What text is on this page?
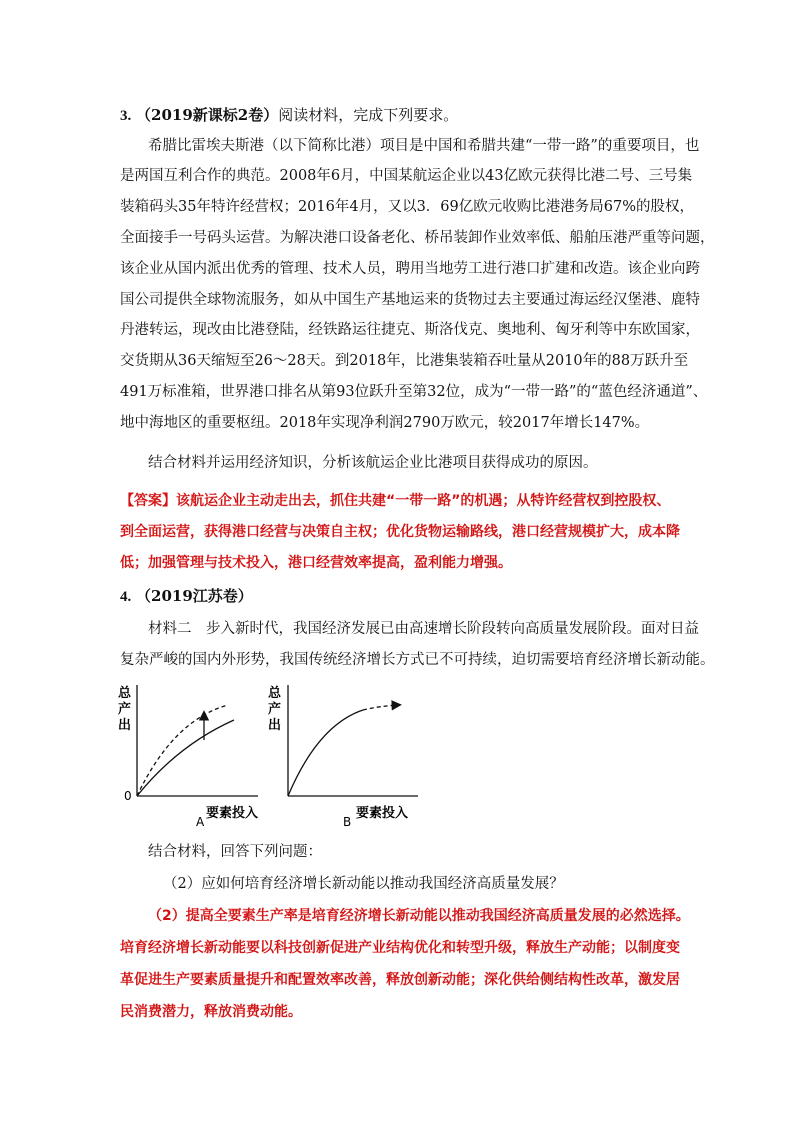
3. （2019新课标2卷）阅读材料，完成下列要求。
希腊比雷埃夫斯港（以下简称比港）项目是中国和希腊共建“一带一路”的重要项目，也
是两国互利合作的典范。2008年6月，中国某航运企业以43亿欧元获得比港二号、三号集
装箱码头35年特许经营权；2016年4月，又以3．69亿欧元收购比港港务局67%的股权，
全面接手一号码头运营。为解决港口设备老化、桥吊装卸作业效率低、船舶压港严重等问题，
该企业从国内派出优秀的管理、技术人员，聘用当地劳工进行港口扩建和改造。该企业向跨
国公司提供全球物流服务，如从中国生产基地运来的货物过去主要通过海运经汉堡港、鹿特
丹港转运，现改由比港登陆，经铁路运往捷克、斯洛伐克、奥地利、匈牙利等中东欧国家，
交货期从36天缩短至26～28天。到2018年，比港集装箱吞吐量从2010年的88万跃升至
491万标准箱，世界港口排名从第93位跃升至第32位，成为“一带一路”的“蓝色经济通道”、
地中海地区的重要枢纽。2018年实现净利润2790万欧元，较2017年增长147%。
结合材料并运用经济知识，分析该航运企业比港项目获得成功的原因。
【答案】该航运企业主动走出去，抓住共建“一带一路”的机遇；从特许经营权到控股权、
到全面运营，获得港口经营与决策自主权；优化货物运输路线，港口经营规模扩大，成本降
低；加强管理与技术投入，港口经营效率提高，盈利能力增强。
4. （2019江苏卷）
材料二　步入新时代，我国经济发展已由高速增长阶段转向高质量发展阶段。面对日益
复杂严峻的国内外形势，我国传统经济增长方式已不可持续，迫切需要培育经济增长新动能。
总
产
出
0
要素投入
A
总
产
出
要素投入
B
结合材料，回答下列问题：
（2）应如何培育经济增长新动能以推动我国经济高质量发展？
（2）提高全要素生产率是培育经济增长新动能以推动我国经济高质量发展的必然选择。
培育经济增长新动能要以科技创新促进产业结构优化和转型升级，释放生产动能；以制度变
革促进生产要素质量提升和配置效率改善，释放创新动能；深化供给侧结构性改革，激发居
民消费潜力，释放消费动能。
